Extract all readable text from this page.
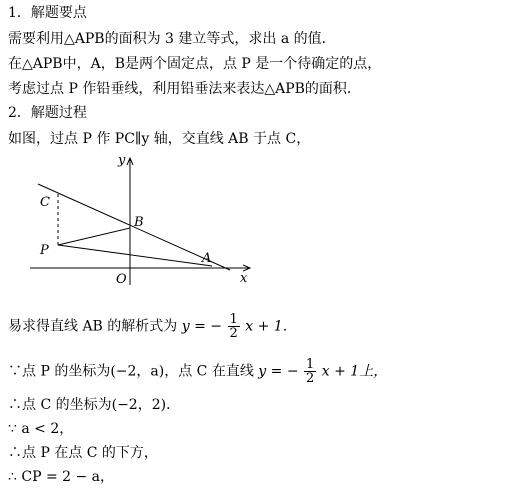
1．解题要点
需要利用△APB的面积为 3 建立等式，求出 a 的值．
在△APB中，A，B是两个固定点，点 P 是一个待确定的点，
考虑过点 P 作铅垂线，利用铅垂法来表达△APB的面积．
2．解题过程
如图，过点 P 作 PC∥y 轴，交直线 AB 于点 C，
y
x
O
A
B
C
P
易求得直线 AB 的解析式为 y = − $\frac{1}{2}$ x + 1．
∵点 P 的坐标为(−2，a)，点 C 在直线 y = − $\frac{1}{2}$ x + 1上，
∴点 C 的坐标为(−2，2)．
∵ a < 2，
∴点 P 在点 C 的下方，
∴ CP = 2 − a，
